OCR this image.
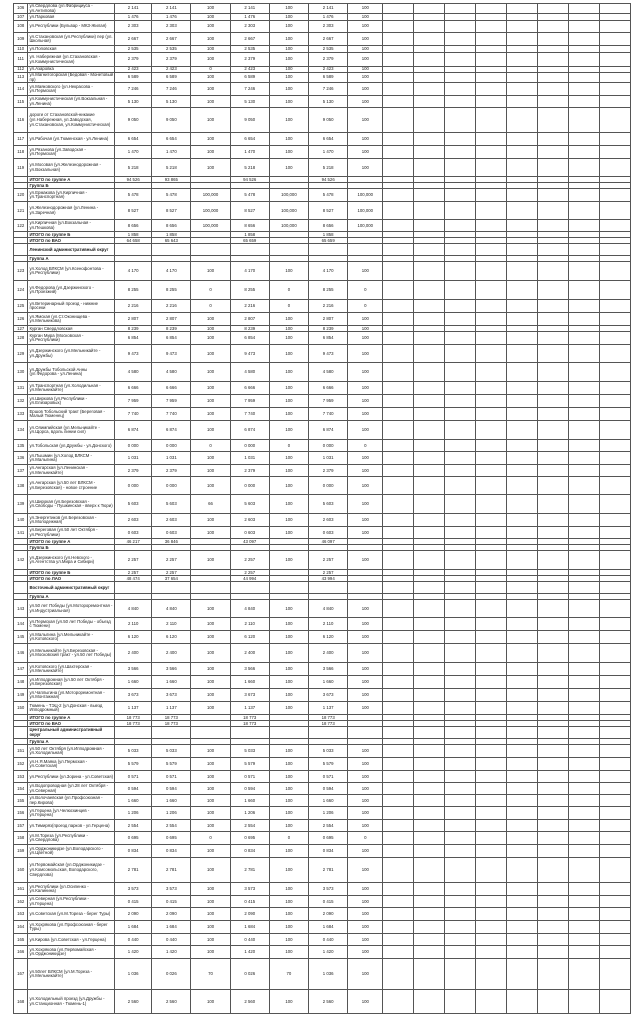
106	ул.Свердлова (ул.Фабрициуса - ул.Антипова)	2 141	2 141	100	2 141	100	2 141	100								
107	ул.Парковая	1 476	1 476	100	1 476	100	1 476	100								
108	ул.Республики (Бульвар - МКЗ-Жилая)	2 303	2 303	100	2 303	100	2 303	100								
109	ул.Стахановская (ул.Республики) пер (ул. Школьная)	2 667	2 667	100	2 667	100	2 667	100								
110	ул.Поповская	2 535	2 535	100	2 535	100	2 535	100								
111	ул. Набережная (ул.Стахановская - ул.Коммунистическая)	2 379	2 379	100	2 379	100	2 379	100								
112	ул.Азаровка	2 423	2 423	0	2 423	100	2 423	100								
113	ул.Магнитогорская (Бедовая - Монетовый пр)	6 589	6 589	100	6 589	100	6 589	100								
114	ул.Маяковского (ул.Некрасова - ул.Пермская)	7 246	7 246	100	7 246	100	7 246	100								
115	ул.Коммунистическая (ул.Вокзальная - ул.Ленина)	5 130	5 130	100	5 130	100	5 130	100								
116	дороги от Стахановской-никакие (ул.Набережная, ул.Заводская, ул.Стахановская, ул.Коммунистическая)	9 050	9 050	100	9 050	100	9 050	100								
117	ул.Рабочая (ул.Тюменская - ул.Ленина)	6 654	6 654	100	6 654	100	6 654	100								
118	ул.Рязанова (ул.Заводская - ул.Пермская)	1 470	1 470	100	1 470	100	1 470	100								
119	ул.Мосовая (ул.Железнодорожная - ул.Вокзальная)	5 218	5 218	100	5 218	100	5 218	100								
	ИТОГО по группе А	94 526	93 865		94 526		94 526									
	Группа Б															
120	ул.Ермакова (ул.Кирпичная - ул.Транспортная)	5 478	5 478	100,000	5 478	100,000	5 478	100,000								
121	ул.Железнодорожная (ул.Ленина - ул.Заречная)	8 527	8 527	100,000	8 527	100,000	8 527	100,000								
122	ул.Кирпичная (ул.Вокзальная - ул.Пешкова)	8 656	8 656	100,000	8 656	100,000	8 656	100,000								
	ИТОГО по группе Б	1 858	1 858		1 858		1 858									
	ИТОГО по ВАО	64 658	65 643		65 659		65 659									
	Ленинский административный округ															
	Группа А															
123	ул.Холод ВЛКСМ (ул.Ксенофонтова - ул.Республики)	4 170	4 170	100	4 170	100	4 170	100								
124	ул.Федорова (ул.Дзержинского - ул.Проезжий)	8 255	8 255	0	8 255	0	8 255	0								
125	ул.Ветеринарный проезд - нижние просеки	2 216	2 216	0	2 216	0	2 216	0								
126	ул.Ямская (ул.Ст.Оконищева - ул.Мельникова)	2 807	2 807	100	2 807	100	2 807	100								
127	Курган Свердловская	8 239	8 239	100	8 239	100	8 239	100								
128	Курган Мира (Московская - ул.Республики)	6 854	6 854	100	6 854	100	6 854	100								
129	ул.Дзержинского (ул.Мельникайте - ул.Дружбы)	9 473	9 473	100	9 473	100	9 473	100								
130	ул.Дружбы Тобольской Анны (ул.Федорова - ул.Ленина)	4 580	4 580	100	4 580	100	4 580	100								
131	ул.Транспортная (ул.Холодильная - ул.Мельникайте)	6 666	6 666	100	6 666	100	6 666	100								
132	ул.Ширкова (ул.Республики - ул.Елизаровых)	7 959	7 959	100	7 959	100	7 959	100								
133	Ершов Тобольский тракт (Береговая - Малый Тюменец)	7 740	7 740	100	7 740	100	7 740	100								
134	ул.Олимпийская (ул.Мельникайте - ул.Щорса, вдоль линии сил)	6 874	6 874	100	6 874	100	6 874	100								
135	ул.Тобольская (ул.Дружбы - ул.Донского)	0 000	0 000	0	0 000	0	0 000	0								
136	ул.Пышмин (ул.Холод ВЛКСМ - ул.Малыгина)	1 031	1 031	100	1 031	100	1 031	100								
137	ул.Ангарская (ул.Ленинская - ул.Мельникайте)	2 379	2 379	100	2 379	100	2 379	100								
138	ул.Ангарская (ул.50 лет ВЛКСМ - ул.Березовская) - новое строение	0 000	0 000	100	0 000	100	0 000	100								
139	ул.Широкая (ул.Березовская - ул.Свободы - Пушкинская - вверх к Тюри)	5 603	5 603	66	5 603	100	5 603	100								
140	ул.Энергетиков (ул.Березовская - ул.Молодежная)	2 603	2 603	100	2 603	100	2 603	100								
141	ул.Береговая (ул.50 лет Октября - ул.Республики)	0 603	0 603	100	0 603	100	0 603	100								
	ИТОГО по группе А	46 217	36 846		43 097		46 097									
	Группа Б															
142	ул.Дзержинского (ул.Невского - ул.Агентства ул.Мира и Сибири)	2 257	2 257	100	2 257	100	2 257	100								
	ИТОГО по группе Б	2 257	2 257		2 257		2 257									
	ИТОГО по ЛАО	48 474	37 654		44 994		43 994									
	Восточный административный округ															
	Группа А															
143	ул.50 лет Победы (ул.Мотороремонтная - ул.Индустриальная)	4 840	4 840	100	4 840	100	4 840	100								
144	ул.Пермская (ул.50 лет Победы - объезд с Тюмени)	2 110	2 110	100	2 110	100	2 110	100								
145	ул.Малыгина (ул.Мельникайте - ул.Котовского)	6 120	6 120	100	6 120	100	6 120	100								
146	ул.Мельникайте (ул.Березовская - ул.Московский тракт - ул.50 лет Победы)	2 400	2 400	100	2 400	100	2 400	100								
147	ул.Котовского (ул.Шахтерская - ул.Мельникайте)	3 566	3 566	100	3 566	100	3 566	100								
148	ул.Ипподромная (ул.50 лет Октября - ул.Березовская)	1 660	1 660	100	1 660	100	1 660	100								
149	ул.Чаплыгина (ул.Мотороремонтная - ул.Монтажная)	3 673	3 673	100	3 673	100	3 673	100								
150	Тюмень - ТЭЦ-2 (ул.Донская - выезд Ипподромный)	1 137	1 137	100	1 137	100	1 137	100								
	ИТОГО по группе А	18 773	18 773		18 773		18 773									
	ИТОГО по ВАО	18 773	18 773		18 773		18 773									
	Центральный административный округ															
	Группа А															
151	ул.50 лет Октября (ул.Ипподромная - ул.Холодильная)	5 033	5 033	100	5 033	100	5 033	100								
152	ул.Н.Я.Маяка (ул.Пермская - ул.Советская)	5 579	5 579	100	5 579	100	5 579	100								
153	ул.Республики (ул.Зорина - ул.Советская)	0 571	0 571	100	0 571	100	0 571	100								
154	ул.Водопроводная (ул.28 лет Октября - ул.Северная)	0 594	0 594	100	0 594	100	0 594	100								
155	ул.Волочаевская (ул.Профсоюзная - пер.Кирова)	1 660	1 660	100	1 660	100	1 660	100								
156	ул.Герцена (ул.Челюскинцев - ул.Герцена)	1 206	1 206	100	1 206	100	1 206	100								
157	ул.Тимиряз(проезд парков - ул.Герцена)	2 554	2 554	100	2 554	100	2 554	100								
158	ул.М.Тореза (ул.Республики - ул.Свердлова)	0 695	0 695	0	0 695	0	0 695	0								
159	ул.Орджоникидзе (ул.Володарского - ул.Цветной)	0 834	0 834	100	0 834	100	0 834	100								
160	ул.Первомайская (ул.Орджоникидзе - ул.Комсомольская, Володарского, Свердлова)	2 781	2 781	100	2 781	100	2 781	100								
161	ул.Республики (ул.Осипенко - ул.Калинина)	3 573	3 573	100	3 573	100	3 573	100								
162	ул.Северная (ул.Республики - ул.Герцена)	0 415	0 415	100	0 415	100	0 415	100								
163	ул.Советская (ул.М.Тореза - берег Туры)	2 090	2 090	100	2 090	100	2 090	100								
164	ул.Хохрякова (ул.Профсоюзная - берег Туры)	1 684	1 684	100	1 684	100	1 684	100								
165	ул.Кирова (ул.Советская - ул.Герцена)	0 440	0 440	100	0 440	100	0 440	100								
166	ул.Хохрякова (ул.Первомайская - ул.Орджоникидзе)	1 420	1 420	100	1 420	100	1 420	100								
167	ул.50лет ВЛКСМ (ул.М.Тореза - ул.Мельникайте)	1 036	0 026	70	0 026	70	1 036	100								
168	ул.Холодильный проезд (ул.Дружбы - ул.Станционная - Тюмень-1)	2 560	2 560	100	2 560	100	2 560	100								
